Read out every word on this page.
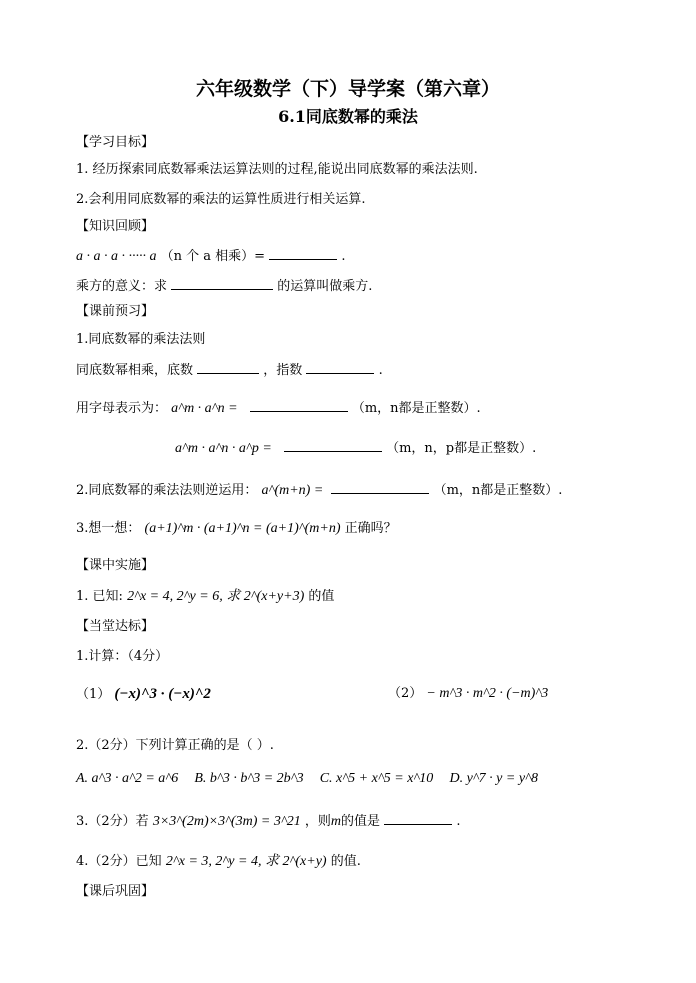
六年级数学（下）导学案（第六章）
6.1同底数幂的乘法
【学习目标】
1. 经历探索同底数幂乘法运算法则的过程,能说出同底数幂的乘法法则.
2.会利用同底数幂的乘法的运算性质进行相关运算.
【知识回顾】
a · a · a · ····· a （n 个 a 相乘）=	.
乘方的意义：求	的运算叫做乘方.
【课前预习】
1.同底数幂的乘法法则
同底数幂相乘，底数	，指数	.
用字母表示为： a^m · a^n =	（m，n都是正整数）.
a^m · a^n · a^p =	（m，n，p都是正整数）.
2.同底数幂的乘法法则逆运用： a^(m+n) =	（m，n都是正整数）.
3.想一想： (a+1)^m · (a+1)^n = (a+1)^(m+n) 正确吗？
【课中实施】
1. 已知: 2^x = 4, 2^y = 6, 求 2^(x+y+3) 的值
【当堂达标】
1.计算：（4分）
（1） (−x)^3 · (−x)^2	（2） − m^3 · m^2 · (−m)^3
2.（2分）下列计算正确的是（ ）.
A. a^3 · a^2 = a^6 B. b^3 · b^3 = 2b^3 C. x^5 + x^5 = x^10 D. y^7 · y = y^8
3.（2分）若 3×3^(2m)×3^(3m) = 3^21 ，则m的值是	.
4.（2分）已知 2^x = 3, 2^y = 4, 求 2^(x+y) 的值.
【课后巩固】
